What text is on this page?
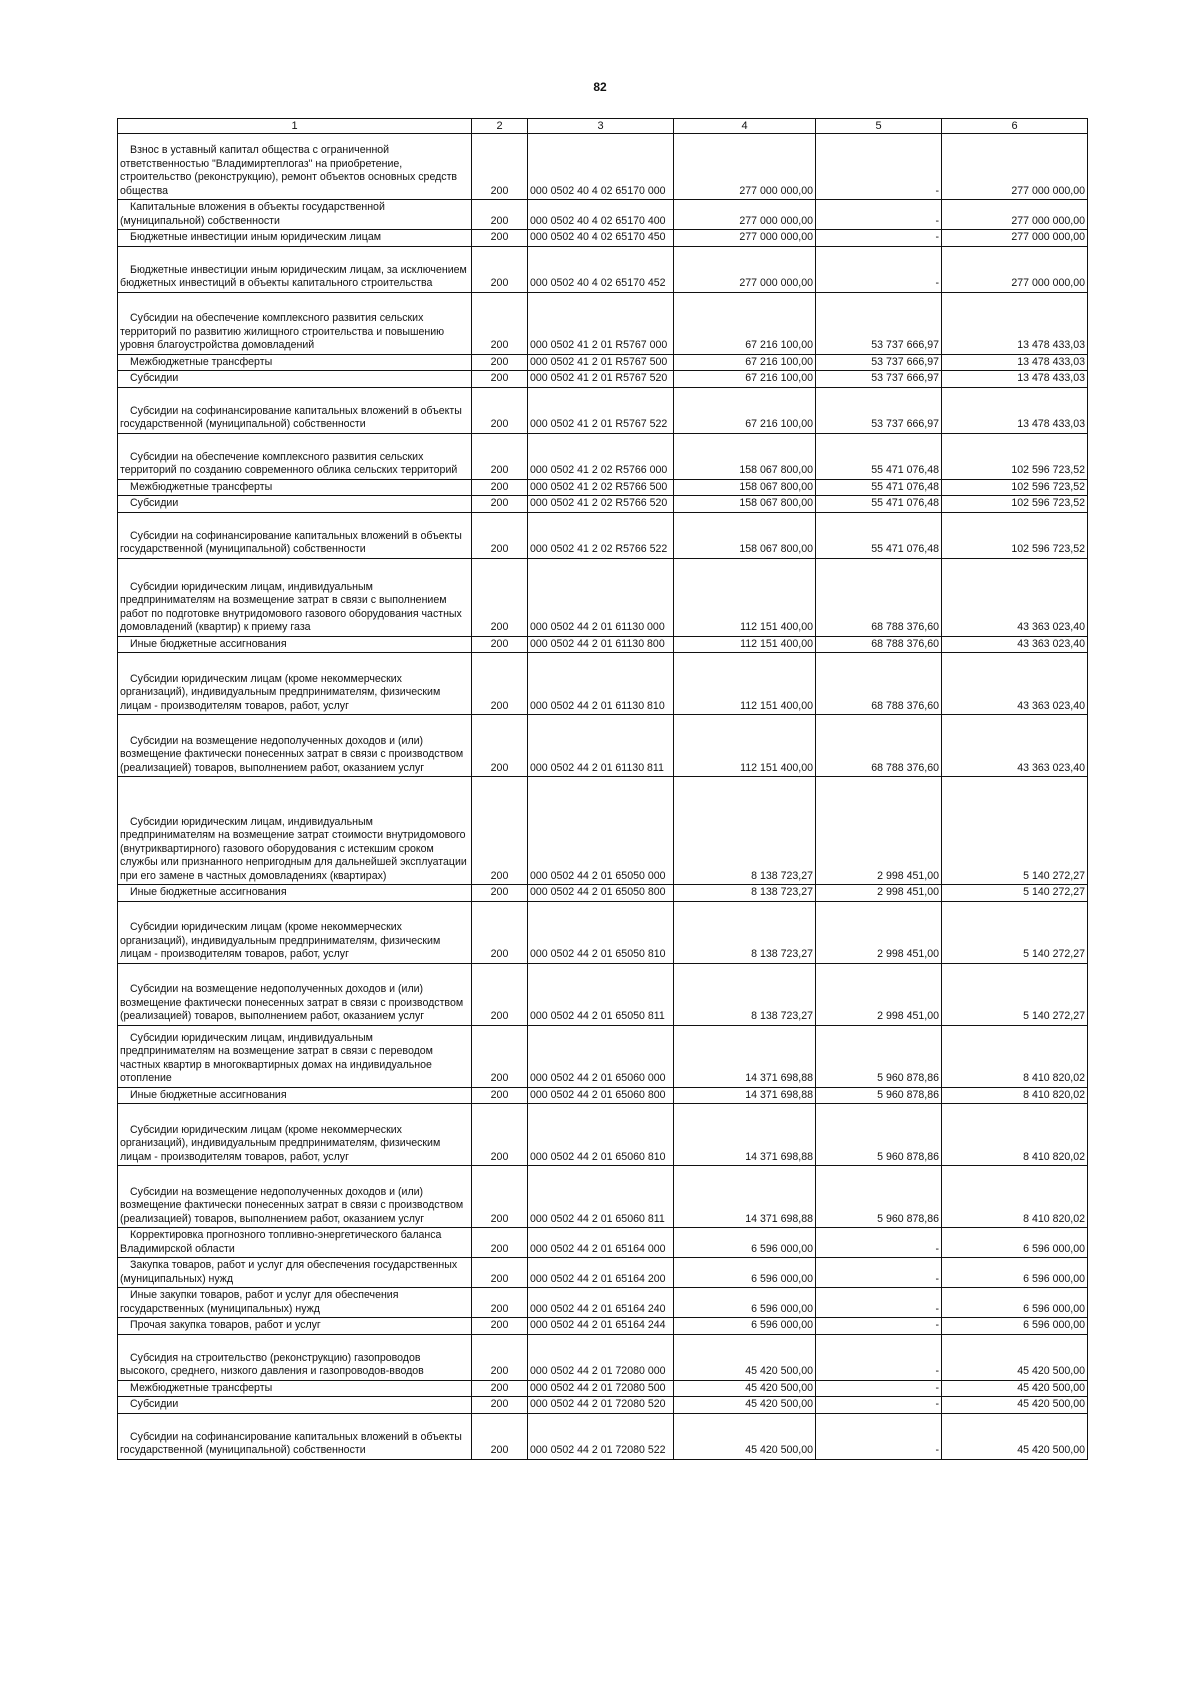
82
1	2	3	4	5	6
Взнос в уставный капитал общества с ограниченной ответственностью "Владимиртеплогаз" на приобретение, строительство (реконструкцию), ремонт объектов основных средств общества	200	000 0502 40 4 02 65170 000	277 000 000,00	-	277 000 000,00
Капитальные вложения в объекты государственной (муниципальной) собственности	200	000 0502 40 4 02 65170 400	277 000 000,00	-	277 000 000,00
Бюджетные инвестиции иным юридическим лицам	200	000 0502 40 4 02 65170 450	277 000 000,00	-	277 000 000,00
Бюджетные инвестиции иным юридическим лицам, за исключением бюджетных инвестиций в объекты капитального строительства	200	000 0502 40 4 02 65170 452	277 000 000,00	-	277 000 000,00
Субсидии на обеспечение комплексного развития сельских территорий по развитию жилищного строительства и повышению уровня благоустройства домовладений	200	000 0502 41 2 01 R5767 000	67 216 100,00	53 737 666,97	13 478 433,03
Межбюджетные трансферты	200	000 0502 41 2 01 R5767 500	67 216 100,00	53 737 666,97	13 478 433,03
Субсидии	200	000 0502 41 2 01 R5767 520	67 216 100,00	53 737 666,97	13 478 433,03
Субсидии на софинансирование капитальных вложений в объекты государственной (муниципальной) собственности	200	000 0502 41 2 01 R5767 522	67 216 100,00	53 737 666,97	13 478 433,03
Субсидии на обеспечение комплексного развития сельских территорий по созданию современного облика сельских территорий	200	000 0502 41 2 02 R5766 000	158 067 800,00	55 471 076,48	102 596 723,52
Межбюджетные трансферты	200	000 0502 41 2 02 R5766 500	158 067 800,00	55 471 076,48	102 596 723,52
Субсидии	200	000 0502 41 2 02 R5766 520	158 067 800,00	55 471 076,48	102 596 723,52
Субсидии на софинансирование капитальных вложений в объекты государственной (муниципальной) собственности	200	000 0502 41 2 02 R5766 522	158 067 800,00	55 471 076,48	102 596 723,52
Субсидии юридическим лицам, индивидуальным предпринимателям на возмещение затрат в связи с выполнением работ по подготовке внутридомового газового оборудования частных домовладений (квартир) к приему газа	200	000 0502 44 2 01 61130 000	112 151 400,00	68 788 376,60	43 363 023,40
Иные бюджетные ассигнования	200	000 0502 44 2 01 61130 800	112 151 400,00	68 788 376,60	43 363 023,40
Субсидии юридическим лицам (кроме некоммерческих организаций), индивидуальным предпринимателям, физическим лицам - производителям товаров, работ, услуг	200	000 0502 44 2 01 61130 810	112 151 400,00	68 788 376,60	43 363 023,40
Субсидии на возмещение недополученных доходов и (или) возмещение фактически понесенных затрат в связи с производством (реализацией) товаров, выполнением работ, оказанием услуг	200	000 0502 44 2 01 61130 811	112 151 400,00	68 788 376,60	43 363 023,40
Субсидии юридическим лицам, индивидуальным предпринимателям на возмещение затрат стоимости внутридомового (внутриквартирного) газового оборудования с истекшим сроком службы или признанного непригодным для дальнейшей эксплуатации при его замене в частных домовладениях (квартирах)	200	000 0502 44 2 01 65050 000	8 138 723,27	2 998 451,00	5 140 272,27
Иные бюджетные ассигнования	200	000 0502 44 2 01 65050 800	8 138 723,27	2 998 451,00	5 140 272,27
Субсидии юридическим лицам (кроме некоммерческих организаций), индивидуальным предпринимателям, физическим лицам - производителям товаров, работ, услуг	200	000 0502 44 2 01 65050 810	8 138 723,27	2 998 451,00	5 140 272,27
Субсидии на возмещение недополученных доходов и (или) возмещение фактически понесенных затрат в связи с производством (реализацией) товаров, выполнением работ, оказанием услуг	200	000 0502 44 2 01 65050 811	8 138 723,27	2 998 451,00	5 140 272,27
Субсидии юридическим лицам, индивидуальным предпринимателям на возмещение затрат в связи с переводом частных квартир в многоквартирных домах на индивидуальное отопление	200	000 0502 44 2 01 65060 000	14 371 698,88	5 960 878,86	8 410 820,02
Иные бюджетные ассигнования	200	000 0502 44 2 01 65060 800	14 371 698,88	5 960 878,86	8 410 820,02
Субсидии юридическим лицам (кроме некоммерческих организаций), индивидуальным предпринимателям, физическим лицам - производителям товаров, работ, услуг	200	000 0502 44 2 01 65060 810	14 371 698,88	5 960 878,86	8 410 820,02
Субсидии на возмещение недополученных доходов и (или) возмещение фактически понесенных затрат в связи с производством (реализацией) товаров, выполнением работ, оказанием услуг	200	000 0502 44 2 01 65060 811	14 371 698,88	5 960 878,86	8 410 820,02
Корректировка прогнозного топливно-энергетического баланса Владимирской области	200	000 0502 44 2 01 65164 000	6 596 000,00	-	6 596 000,00
Закупка товаров, работ и услуг для обеспечения государственных (муниципальных) нужд	200	000 0502 44 2 01 65164 200	6 596 000,00	-	6 596 000,00
Иные закупки товаров, работ и услуг для обеспечения государственных (муниципальных) нужд	200	000 0502 44 2 01 65164 240	6 596 000,00	-	6 596 000,00
Прочая закупка товаров, работ и услуг	200	000 0502 44 2 01 65164 244	6 596 000,00	-	6 596 000,00
Субсидия на строительство (реконструкцию) газопроводов высокого, среднего, низкого давления и газопроводов-вводов	200	000 0502 44 2 01 72080 000	45 420 500,00	-	45 420 500,00
Межбюджетные трансферты	200	000 0502 44 2 01 72080 500	45 420 500,00	-	45 420 500,00
Субсидии	200	000 0502 44 2 01 72080 520	45 420 500,00	-	45 420 500,00
Субсидии на софинансирование капитальных вложений в объекты государственной (муниципальной) собственности	200	000 0502 44 2 01 72080 522	45 420 500,00	-	45 420 500,00
